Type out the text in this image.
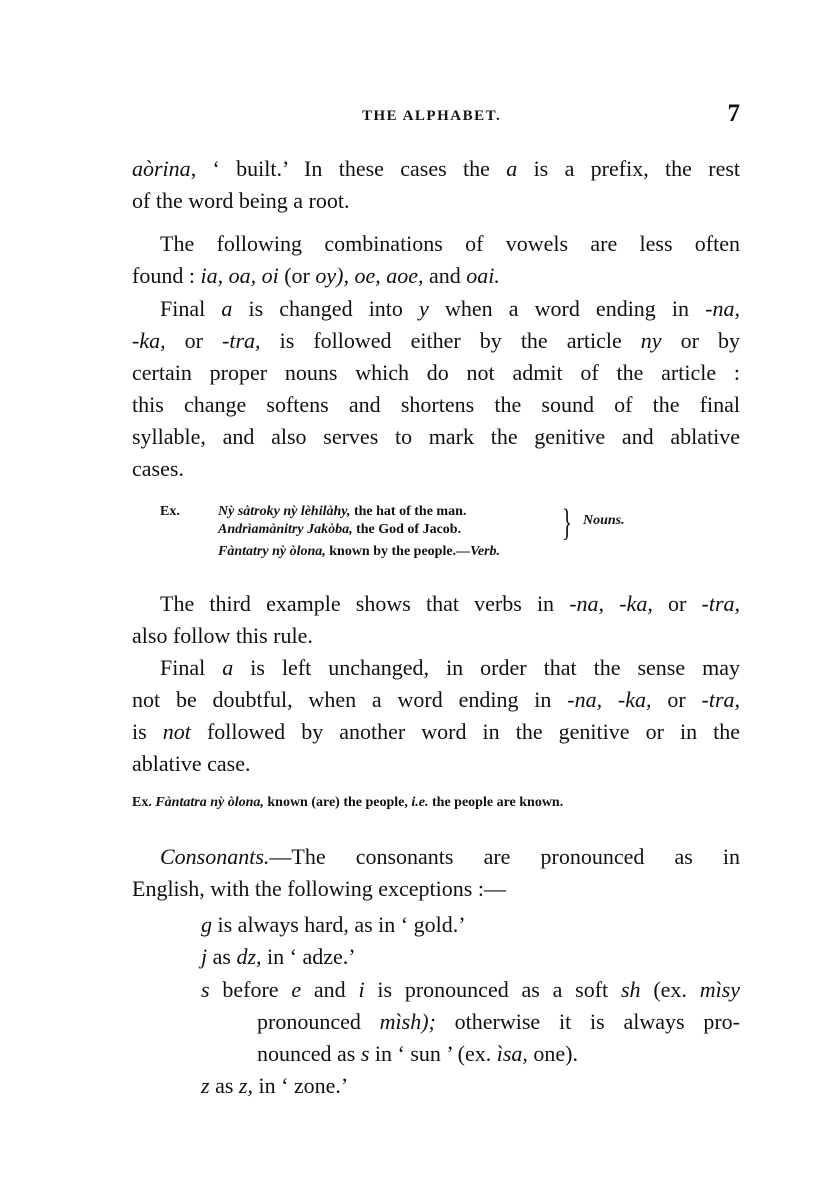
THE ALPHABET.	7
aòrina, ‘ built.’ In these cases the a is a prefix, the rest
of the word being a root.
The following combinations of vowels are less often
found : ia, oa, oi (or oy), oe, aoe, and oai.
Final a is changed into y when a word ending in -na,
-ka, or -tra, is followed either by the article ny or by
certain proper nouns which do not admit of the article :
this change softens and shortens the sound of the final
syllable, and also serves to mark the genitive and ablative
cases.
Ex.	Nỳ sàtroky nỳ lèhilàhy, the hat of the man.
Andrìamànitry Jakòba, the God of Jacob.	} Nouns.
Fàntatry nỳ òlona, known by the people.—Verb.
The third example shows that verbs in -na, -ka, or -tra,
also follow this rule.
Final a is left unchanged, in order that the sense may
not be doubtful, when a word ending in -na, -ka, or -tra,
is not followed by another word in the genitive or in the
ablative case.
Ex. Fàntatra nỳ òlona, known (are) the people, i.e. the people are known.
Consonants.—The consonants are pronounced as in
English, with the following exceptions :—
g is always hard, as in ‘ gold.’
j as dz, in ‘ adze.’
s before e and i is pronounced as a soft sh (ex. mìsy
pronounced mìsh); otherwise it is always pro-
nounced as s in ‘ sun ’ (ex. ìsa, one).
z as z, in ‘ zone.’
